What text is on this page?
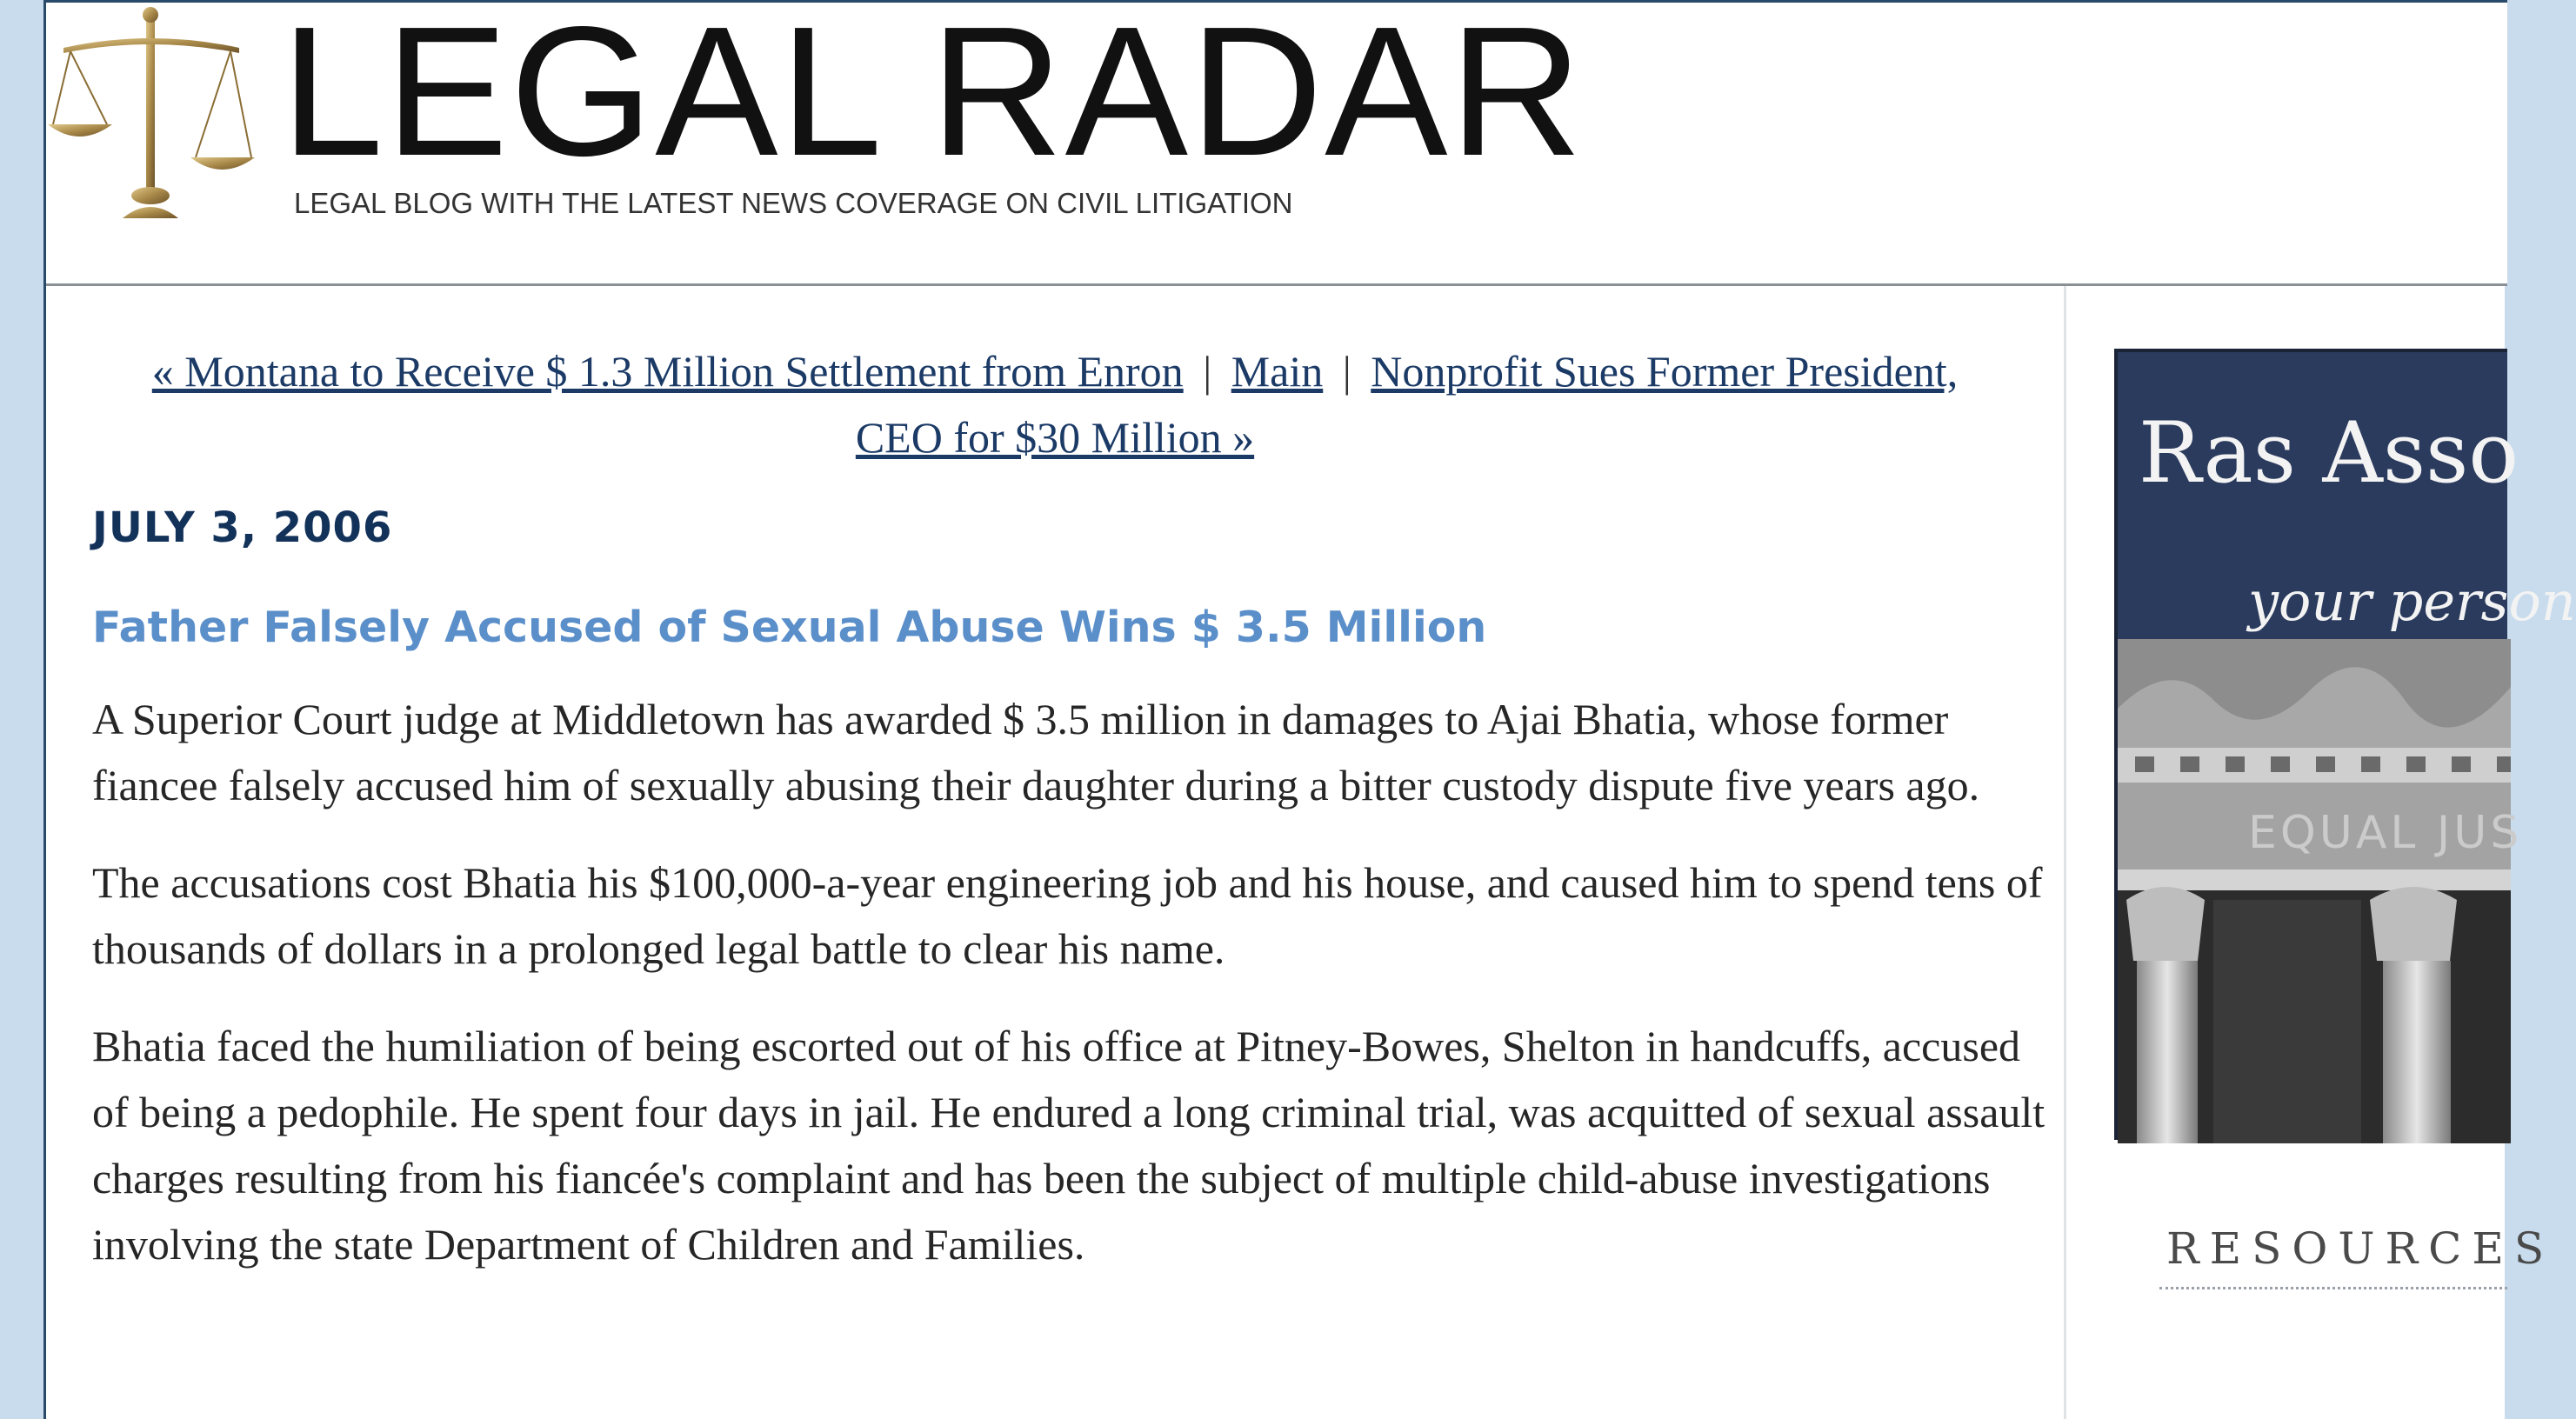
LEGAL RADAR
LEGAL BLOG WITH THE LATEST NEWS COVERAGE ON CIVIL LITIGATION
« Montana to Receive $ 1.3 Million Settlement from Enron | Main | Nonprofit Sues Former President, CEO for $30 Million »
JULY 3, 2006
Father Falsely Accused of Sexual Abuse Wins $ 3.5 Million

A Superior Court judge at Middletown has awarded $ 3.5 million in damages to Ajai Bhatia, whose former fiancee falsely accused him of sexually abusing their daughter during a bitter custody dispute five years ago.

The accusations cost Bhatia his $100,000-a-year engineering job and his house, and caused him to spend tens of thousands of dollars in a prolonged legal battle to clear his name.

Bhatia faced the humiliation of being escorted out of his office at Pitney-Bowes, Shelton in handcuffs, accused of being a pedophile. He spent four days in jail. He endured a long criminal trial, was acquitted of sexual assault charges resulting from his fiancée's complaint and has been the subject of multiple child-abuse investigations involving the state Department of Children and Families.

Ras Asso
your person
EQUAL JUS
RESOURCES
